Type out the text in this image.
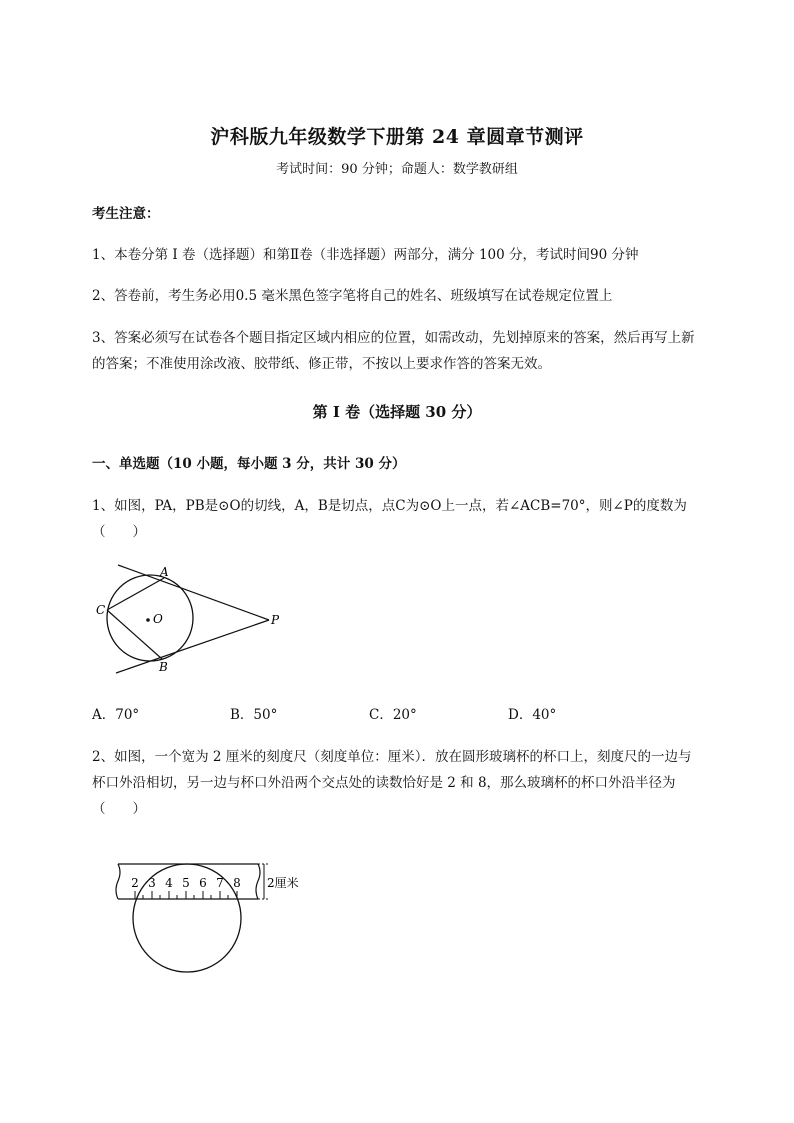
沪科版九年级数学下册第 24 章圆章节测评
考试时间：90 分钟；命题人：数学教研组
考生注意：
1、本卷分第 I 卷（选择题）和第Ⅱ卷（非选择题）两部分，满分 100 分，考试时间90 分钟
2、答卷前，考生务必用0.5 毫米黑色签字笔将自己的姓名、班级填写在试卷规定位置上
3、答案必须写在试卷各个题目指定区域内相应的位置，如需改动，先划掉原来的答案，然后再写上新
的答案；不准使用涂改液、胶带纸、修正带，不按以上要求作答的答案无效。
第 I 卷（选择题 30 分）
一、单选题（10 小题，每小题 3 分，共计 30 分）
1、如图，PA，PB是⊙O的切线，A，B是切点，点C为⊙O上一点，若∠ACB=70°，则∠P的度数为
（　　）
A
B
C
O	P
A．70°	B．50°	C．20°	D．40°
2、如图，一个宽为 2 厘米的刻度尺（刻度单位：厘米）．放在圆形玻璃杯的杯口上，刻度尺的一边与
杯口外沿相切，另一边与杯口外沿两个交点处的读数恰好是 2 和 8，那么玻璃杯的杯口外沿半径为
（　　）
2 3 4 5 6 7 8 2厘米
